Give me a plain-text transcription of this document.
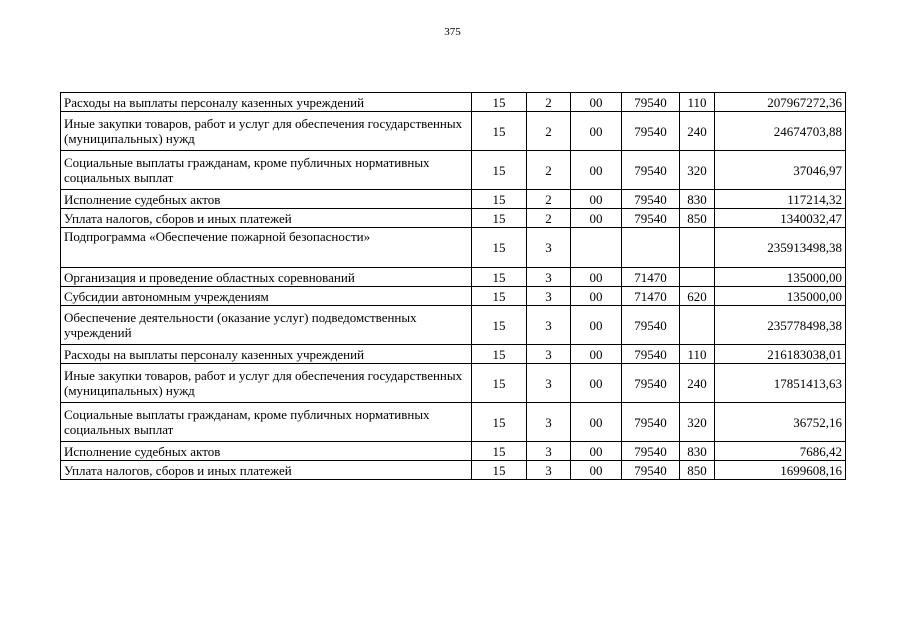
375
Расходы на выплаты персоналу казенных учреждений	15	2	00	79540	110	207967272,36
Иные закупки товаров, работ и услуг для обеспечения государственных (муниципальных) нужд	15	2	00	79540	240	24674703,88
Социальные выплаты гражданам, кроме публичных нормативных социальных выплат	15	2	00	79540	320	37046,97
Исполнение судебных актов	15	2	00	79540	830	117214,32
Уплата налогов, сборов и иных платежей	15	2	00	79540	850	1340032,47
Подпрограмма «Обеспечение пожарной безопасности»	15	3				235913498,38
Организация и проведение областных соревнований	15	3	00	71470		135000,00
Субсидии автономным учреждениям	15	3	00	71470	620	135000,00
Обеспечение деятельности (оказание услуг) подведомственных учреждений	15	3	00	79540		235778498,38
Расходы на выплаты персоналу казенных учреждений	15	3	00	79540	110	216183038,01
Иные закупки товаров, работ и услуг для обеспечения государственных (муниципальных) нужд	15	3	00	79540	240	17851413,63
Социальные выплаты гражданам, кроме публичных нормативных социальных выплат	15	3	00	79540	320	36752,16
Исполнение судебных актов	15	3	00	79540	830	7686,42
Уплата налогов, сборов и иных платежей	15	3	00	79540	850	1699608,16
